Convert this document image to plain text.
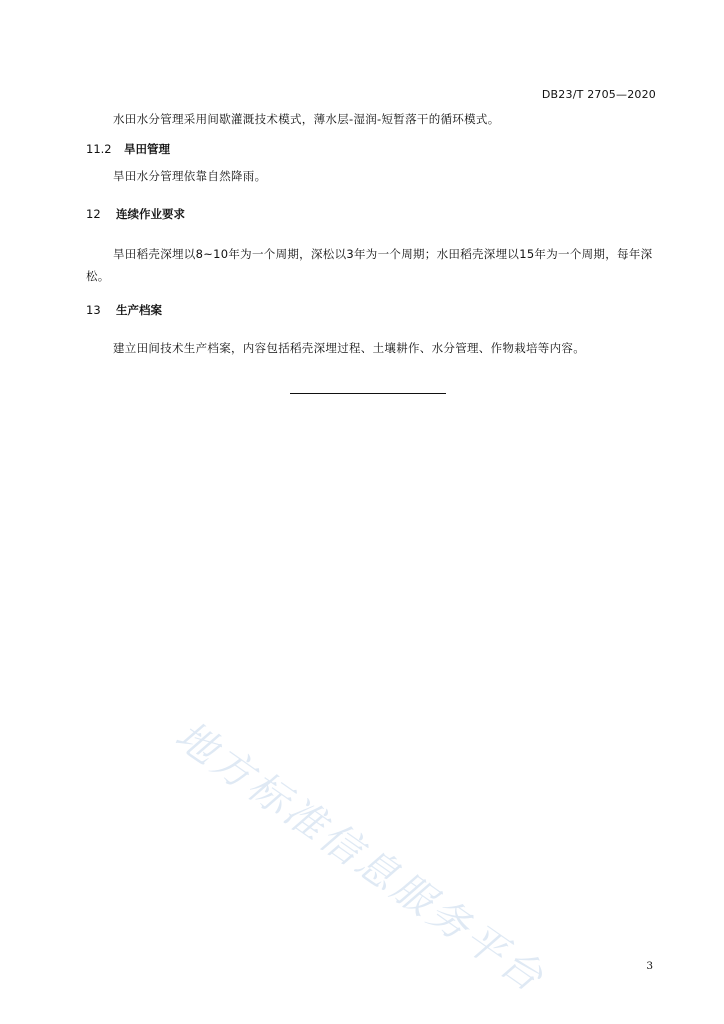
DB23/T 2705—2020

水田水分管理采用间歇灌溉技术模式，薄水层-湿润-短暂落干的循环模式。

11.2 旱田管理

旱田水分管理依靠自然降雨。

12 连续作业要求

旱田稻壳深埋以8~10年为一个周期，深松以3年为一个周期；水田稻壳深埋以15年为一个周期，每年深松。

13 生产档案

建立田间技术生产档案，内容包括稻壳深埋过程、土壤耕作、水分管理、作物栽培等内容。

地方标准信息服务平台	3
